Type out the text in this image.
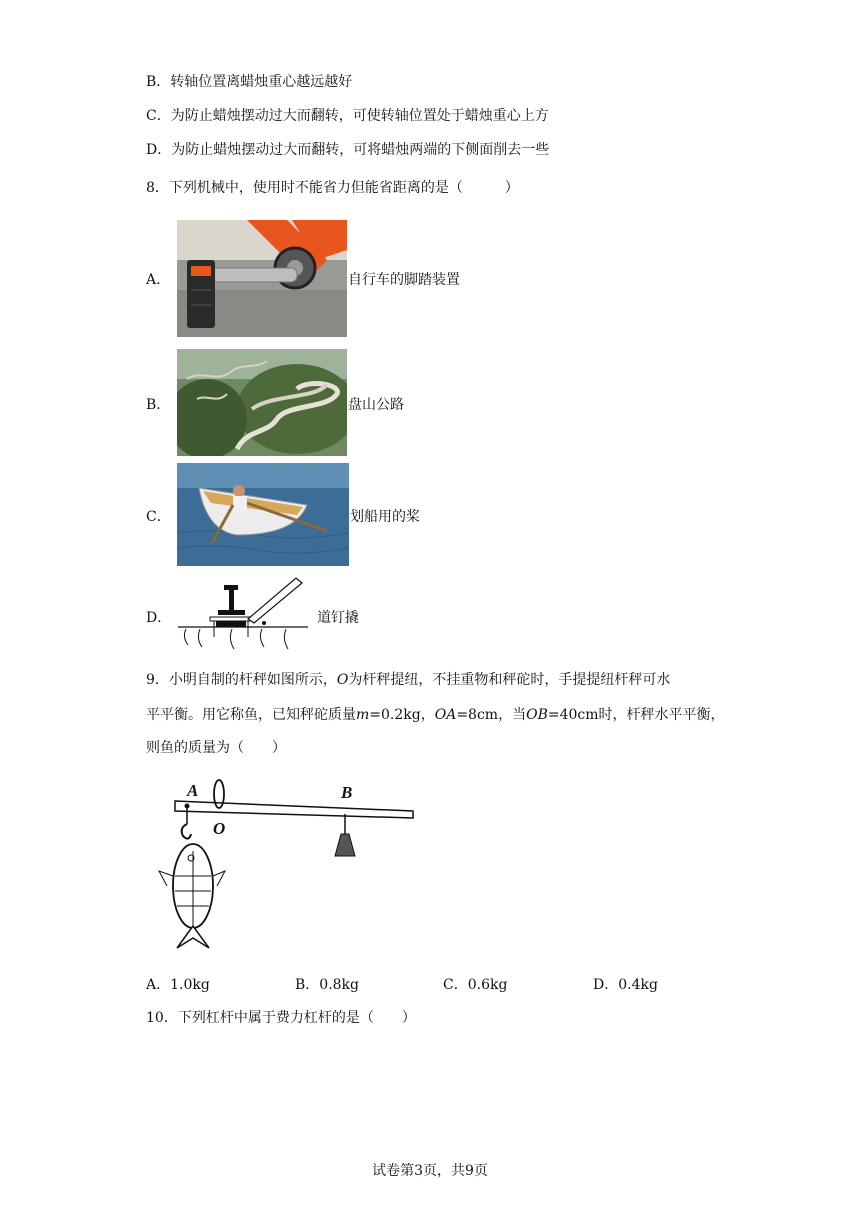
B．转轴位置离蜡烛重心越远越好
C．为防止蜡烛摆动过大而翻转，可使转轴位置处于蜡烛重心上方
D．为防止蜡烛摆动过大而翻转，可将蜡烛两端的下侧面削去一些
8．下列机械中，使用时不能省力但能省距离的是（　　　）
A．	自行车的脚踏装置
B．	盘山公路
C．	划船用的桨
D．	道钉撬
9．小明自制的杆秤如图所示，O为杆秤提纽，不挂重物和秤砣时，手提提纽杆秤可水
平平衡。用它称鱼，已知秤砣质量m=0.2kg，OA=8cm，当OB=40cm时，杆秤水平平衡，
则鱼的质量为（　　）
A
O
B
A．1.0kg	B．0.8kg	C．0.6kg	D．0.4kg
10．下列杠杆中属于费力杠杆的是（　　）
试卷第3页，共9页
